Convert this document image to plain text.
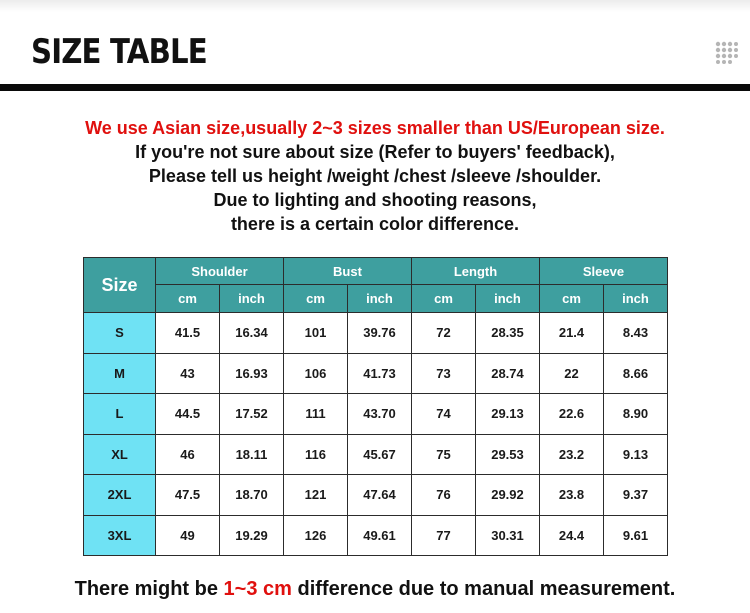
SIZE TABLE
We use Asian size,usually 2~3 sizes smaller than US/European size.
If you're not sure about size (Refer to buyers' feedback),
Please tell us height /weight /chest /sleeve /shoulder.
Due to lighting and shooting reasons,
there is a certain color difference.
Size	Shoulder		Bust		Length		Sleeve	
	cm	inch	cm	inch	cm	inch	cm	inch
S	41.5	16.34	101	39.76	72	28.35	21.4	8.43
M	43	16.93	106	41.73	73	28.74	22	8.66
L	44.5	17.52	111	43.70	74	29.13	22.6	8.90
XL	46	18.11	116	45.67	75	29.53	23.2	9.13
2XL	47.5	18.70	121	47.64	76	29.92	23.8	9.37
3XL	49	19.29	126	49.61	77	30.31	24.4	9.61
There might be 1~3 cm difference due to manual measurement.
